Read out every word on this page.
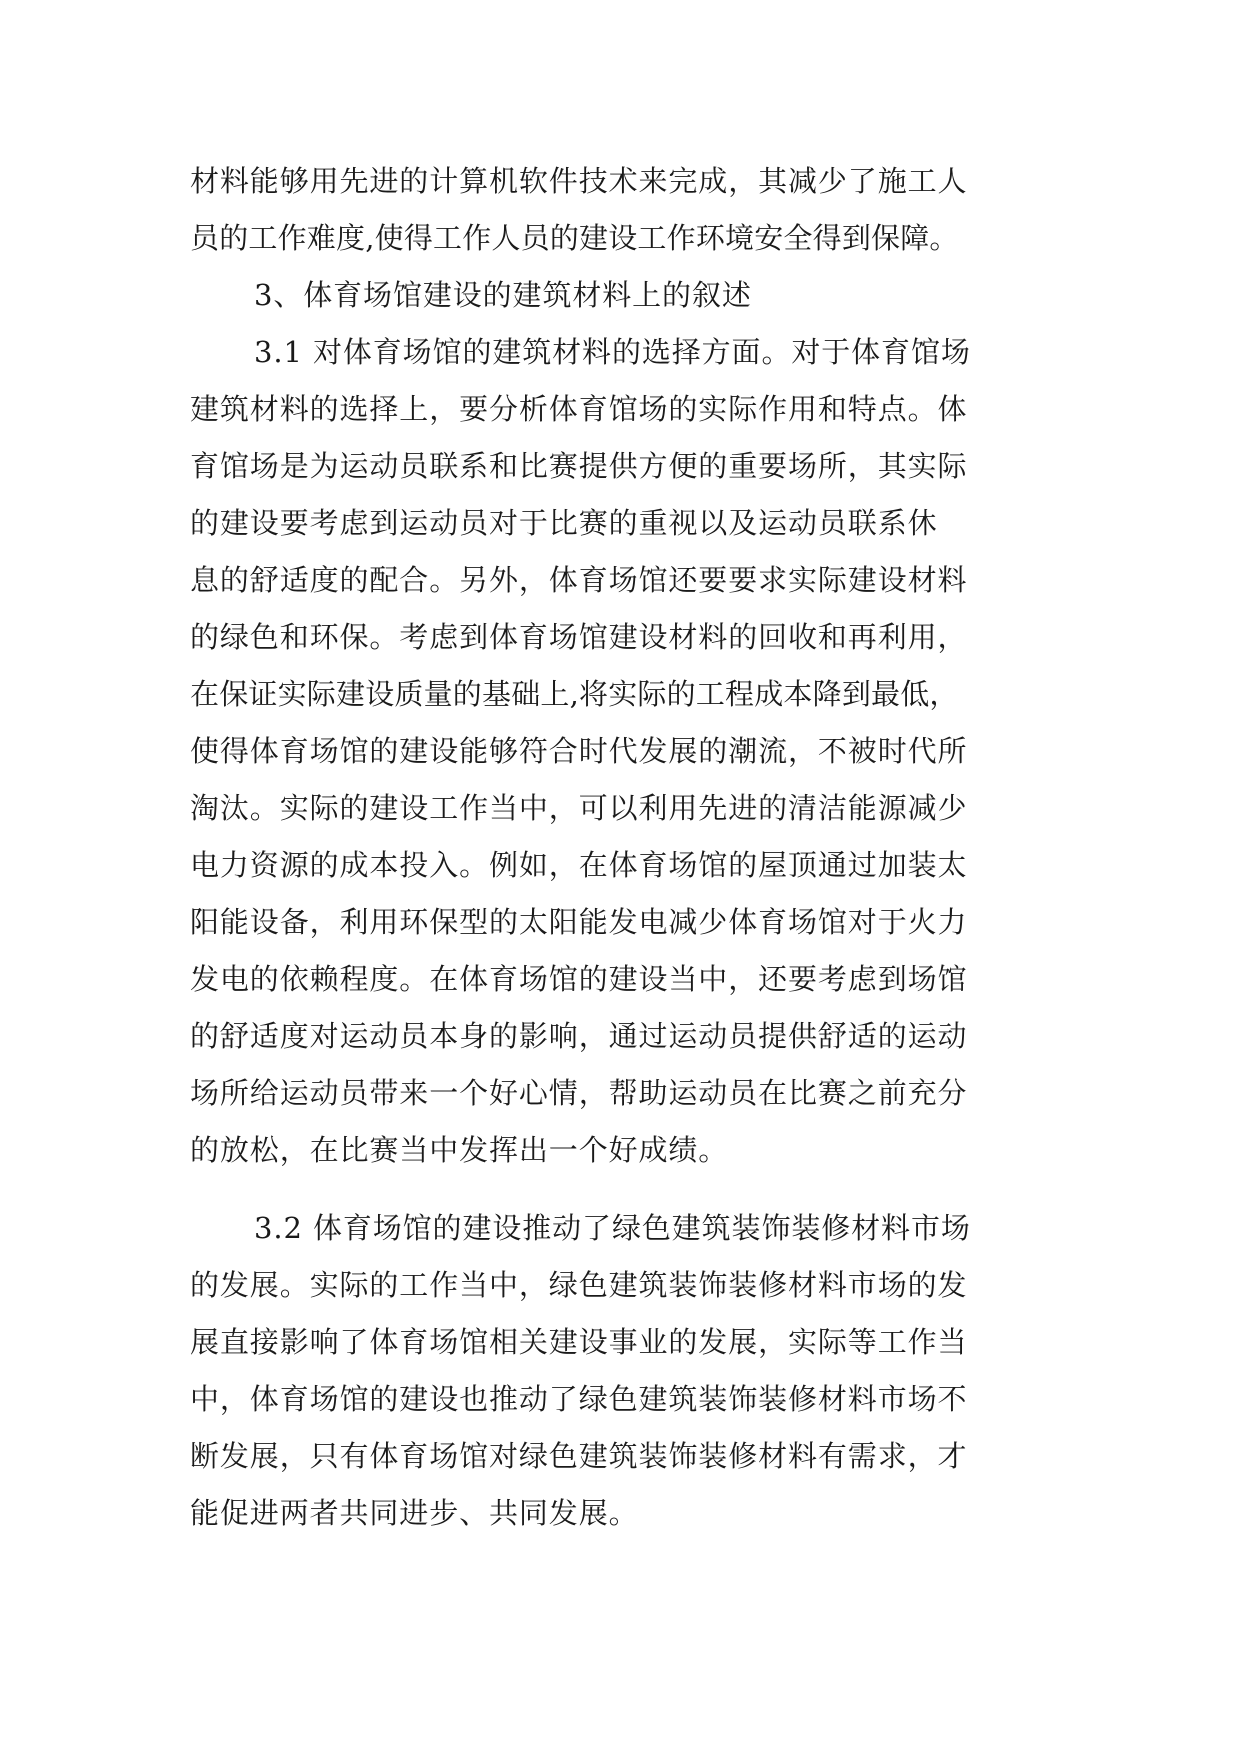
材料能够用先进的计算机软件技术来完成，其减少了施工人
员的工作难度,使得工作人员的建设工作环境安全得到保障。
3、体育场馆建设的建筑材料上的叙述
3.1 对体育场馆的建筑材料的选择方面。对于体育馆场
建筑材料的选择上，要分析体育馆场的实际作用和特点。体
育馆场是为运动员联系和比赛提供方便的重要场所，其实际
的建设要考虑到运动员对于比赛的重视以及运动员联系休
息的舒适度的配合。另外，体育场馆还要要求实际建设材料
的绿色和环保。考虑到体育场馆建设材料的回收和再利用，
在保证实际建设质量的基础上,将实际的工程成本降到最低，
使得体育场馆的建设能够符合时代发展的潮流，不被时代所
淘汰。实际的建设工作当中，可以利用先进的清洁能源减少
电力资源的成本投入。例如，在体育场馆的屋顶通过加装太
阳能设备，利用环保型的太阳能发电减少体育场馆对于火力
发电的依赖程度。在体育场馆的建设当中，还要考虑到场馆
的舒适度对运动员本身的影响，通过运动员提供舒适的运动
场所给运动员带来一个好心情，帮助运动员在比赛之前充分
的放松，在比赛当中发挥出一个好成绩。
3.2 体育场馆的建设推动了绿色建筑装饰装修材料市场
的发展。实际的工作当中，绿色建筑装饰装修材料市场的发
展直接影响了体育场馆相关建设事业的发展，实际等工作当
中，体育场馆的建设也推动了绿色建筑装饰装修材料市场不
断发展，只有体育场馆对绿色建筑装饰装修材料有需求，才
能促进两者共同进步、共同发展。
